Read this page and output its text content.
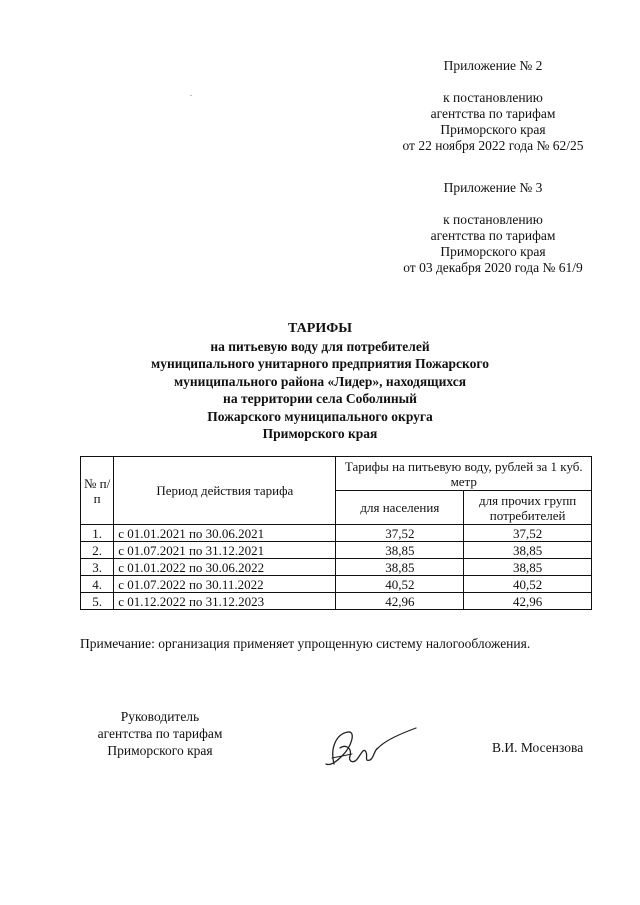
Приложение № 2
к постановлению
агентства по тарифам
Приморского края
от 22 ноября 2022 года № 62/25
Приложение № 3
к постановлению
агентства по тарифам
Приморского края
от 03 декабря 2020 года № 61/9
ТАРИФЫ
на питьевую воду для потребителей
муниципального унитарного предприятия Пожарского
муниципального района «Лидер», находящихся
на территории села Соболиный
Пожарского муниципального округа
Приморского края
№ п/п	Период действия тарифа	Тарифы на питьевую воду, рублей за 1 куб. метр	
		для населения	для прочих групп потребителей
1.	с 01.01.2021 по 30.06.2021	37,52	37,52
2.	с 01.07.2021 по 31.12.2021	38,85	38,85
3.	с 01.01.2022 по 30.06.2022	38,85	38,85
4.	с 01.07.2022 по 30.11.2022	40,52	40,52
5.	с 01.12.2022 по 31.12.2023	42,96	42,96
Примечание: организация применяет упрощенную систему налогообложения.
Руководитель
агентства по тарифам
Приморского края	В.И. Мосензова
